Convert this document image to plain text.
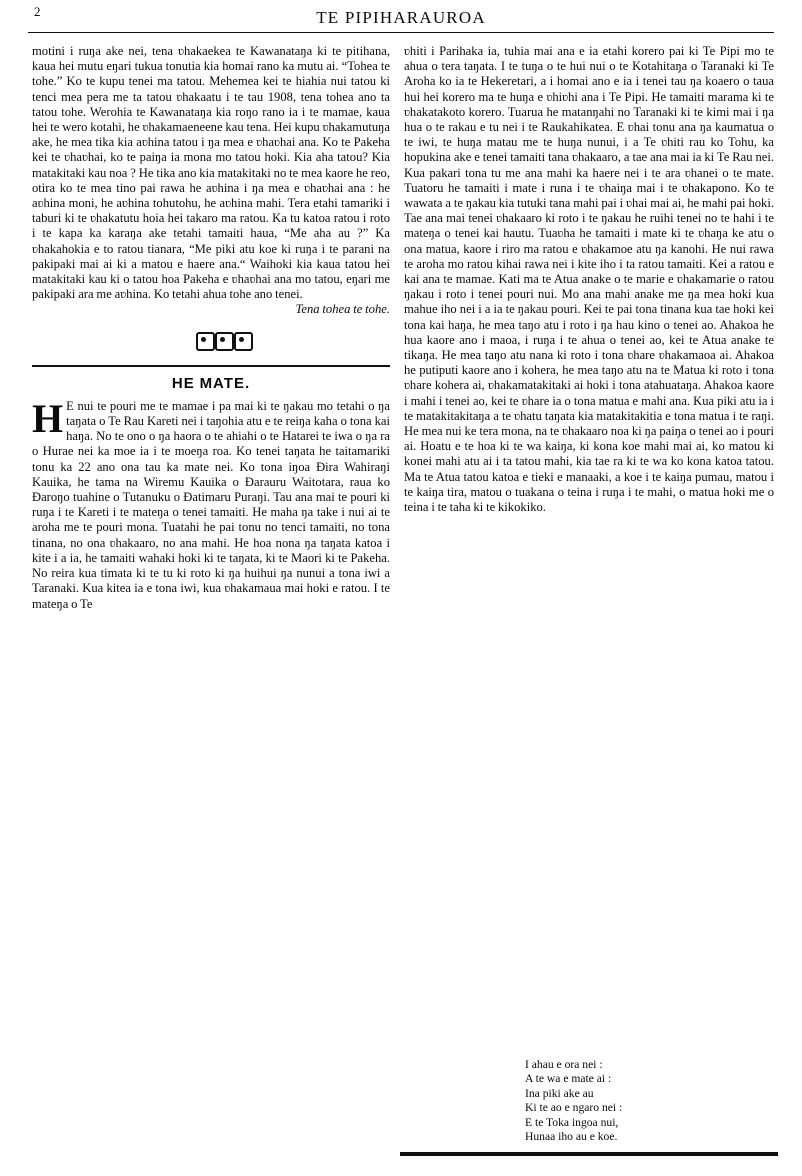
2	TE PIPIHARAUROA

motini i ruŋa ake nei, tena ʋhakaekea te Kawanataŋa ki te pitihana, kaua hei mutu eŋari tukua tonutia kia homai rano ka mutu ai. “Tohea te tohe.” Ko te kupu tenei ma tatou. Mehemea kei te hiahia nui tatou ki tenci mea pera me ta tatou ʋhakaatu i te tau 1908, tena tohea ano ta tatou tohe. Werohia te Kawanataŋa kia roŋo rano ia i te mamae, kaua hei te wero kotahi, he ʋhakamaeneene kau tena. Hei kupu ʋhakamutuŋa ake, he mea tika kia aʋhina tatou i ŋa mea e ʋhaʋhai ana. Ko te Pakeha kei te ʋhaʋhai, ko te paiŋa ia mona mo tatou hoki. Kia aha tatou? Kia matakitaki kau noa ? He tika ano kia matakitaki no te mea kaore he reo, otira ko te mea tino pai rawa he aʋhina i ŋa mea e ʋhaʋhai ana : he aʋhina moni, he aʋhina tohutohu, he aʋhina mahi. Tera etahi tamariki i taburi ki te ʋhakatutu hoia hei takaro ma ratou. Ka tu katoa ratou i roto i te kapa ka karaŋa ake tetahi tamaiti haua, “Me aha au ?” Ka ʋhakahokia e to ratou tianara, “Me piki atu koe ki ruŋa i te parani na pakipaki mai ai ki a matou e haere ana.“ Waihoki kia kaua tatou hei matakitaki kau ki o tatou hoa Pakeha e ʋhaʋhai ana mo tatou, eŋari me pakipaki ara me aʋhina. Ko tetahi ahua tohe ano tenei.

Tena tohea te tohe.

HE MATE.
H E nui te pouri me te mamae i pa mai ki te ŋakau mo tetahi o ŋa taŋata o Te Rau Kareti nei i taŋohia atu e te reiŋa kaha o tona kai haŋa. No te ono o ŋa haora o te ahiahi o te Hatarei te iwa o ŋa ra o Hurae nei ka moe ia i te moeŋa roa. Ko tenei taŋata he taitamariki tonu ka 22 ano ona tau ka mate nei. Ko tona iŋoa Ɖira Wahiraŋi Kauika, he tama na Wiremu Kauika o Ɖarauru Waitotara, raua ko Ɖaroŋo tuahine o Tutanuku o Ɖatimaru Puraŋi. Tau ana mai te pouri ki ruŋa i te Kareti i te mateŋa o tenei tamaiti. He maha ŋa take i nui ai te aroha me te pouri mona. Tuatahi he pai tonu no tenci tamaiti, no tona tinana, no ona ʋhakaaro, no ana mahi. He hoa nona ŋa taŋata katoa i kite i a ia, he tamaiti wahaki hoki ki te taŋata, ki te Maori ki te Pakeha. No reira kua timata ki te tu ki roto ki ŋa huihui ŋa nunui a tona iwi a Taranaki. Kua kitea ia e tona iwi, kua ʋhakamaua mai hoki e ratou. I te mateŋa o Te

ʋhiti i Parihaka ia, tuhia mai ana e ia etahi korero pai ki Te Pipi mo te ahua o tera taŋata. I te tuŋa o te hui nui o te Kotahitaŋa o Taranaki ki Te Aroha ko ia te Hekeretari, a i homai ano e ia i tenei tau ŋa koaero o taua hui hei korero ma te huŋa e ʋhiʋhi ana i Te Pipi. He tamaiti marama ki te ʋhakatakoto korero. Tuarua he matanŋahi no Taranaki ki te kimi mai i ŋa hua o te rakau e tu nei i te Raukahikatea. E ʋhai tonu ana ŋa kaumatua o te iwi, te huŋa matau me te huŋa nunui, i a Te ʋhiti rau ko Tohu, ka hopukina ake e tenei tamaiti tana ʋhakaaro, a tae ana mai ia ki Te Rau nei. Kua pakari tona tu me ana mahi ka haere nei i te ara ʋhanei o te mate. Tuatoru he tamaiti i mate i runa i te ʋhaiŋa mai i te ʋhakapono. Ko te wawata a te ŋakau kia tutuki tana mahi pai i ʋhai mai ai, he mahi pai hoki. Tae ana mai tenei ʋhakaaro ki roto i te ŋakau he ruihi tenei no te hahi i te mateŋa o tenei kai hautu. Tuaʋha he tamaiti i mate ki te ʋhaŋa ke atu o ona matua, kaore i riro ma ratou e ʋhakamoe atu ŋa kanohi. He nui rawa te aroha mo ratou kihai rawa nei i kite iho i ta ratou tamaiti. Kei a ratou e kai ana te mamae. Kati ma te Atua anake o te marie e ʋhakamarie o ratou ŋakau i roto i tenei pouri nui. Mo ana mahi anake me ŋa mea hoki kua mahue iho nei i a ia te ŋakau pouri. Kei te pai tona tinana kua tae hoki kei tona kai haŋa, he mea taŋo atu i roto i ŋa hau kino o tenei ao. Ahakoa he hua kaore ano i maoa, i ruŋa i te ahua o tenei ao, kei te Atua anake te tikaŋa. He mea taŋo atu nana ki roto i tona ʋhare ʋhakamaoa ai. Ahakoa he putiputi kaore ano i kohera, he mea taŋo atu na te Matua ki roto i tona ʋhare kohera ai, ʋhakamatakitaki ai hoki i tona atahuataŋa. Ahakoa kaore i mahi i tenei ao, kei te ʋhare ia o tona matua e mahi ana. Kua piki atu ia i te matakitakitaŋa a te ʋhatu taŋata kia matakitakitia e tona matua i te raŋi. He mea nui ke tera mona, na te ʋhakaaro noa ki ŋa paiŋa o tenei ao i pouri ai. Hoatu e te hoa ki te wa kaiŋa, ki kona koe mahi mai ai, ko matou ki konei mahi atu ai i ta tatou mahi, kia tae ra ki te wa ko kona katoa tatou. Ma te Atua tatou katoa e tieki e manaaki, a koe i te kaiŋa pumau, matou i te kaiŋa tira, matou o tuakana o teina i ruŋa i te mahi, o matua hoki me o teina i te taha ki te kikokiko.

I ahau e ora nei :
A te wa e mate ai :
Ina piki ake au
Ki te ao e ngaro nei :
E te Toka ingoa nui,
Hunaa iho au e koe.
